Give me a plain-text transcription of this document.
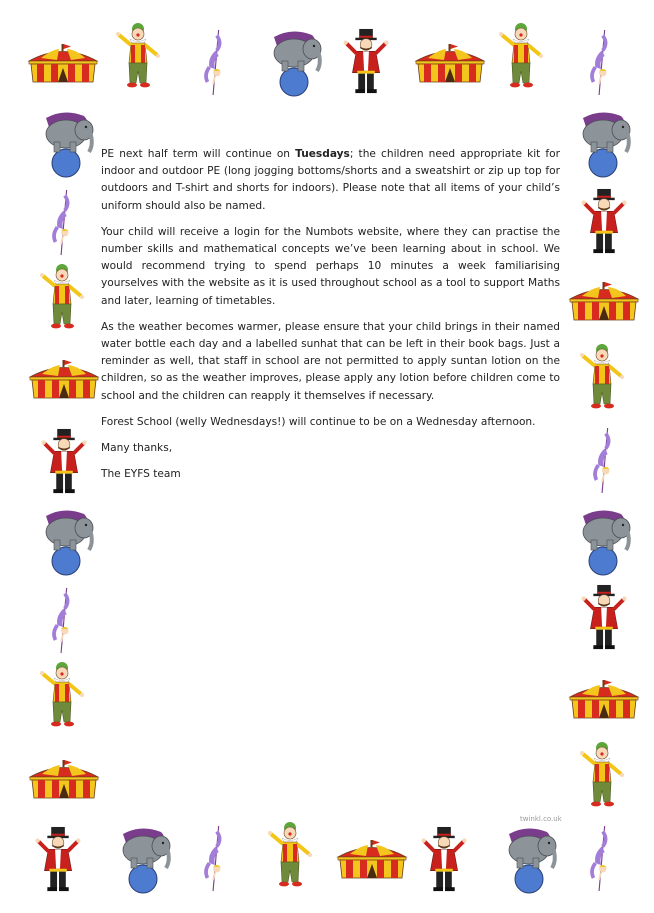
PE next half term will continue on Tuesdays; the children need appropriate kit for indoor and outdoor PE (long jogging bottoms/shorts and a sweatshirt or zip up top for outdoors and T-shirt and shorts for indoors). Please note that all items of your child’s uniform should also be named.

Your child will receive a login for the Numbots website, where they can practise the number skills and mathematical concepts we’ve been learning about in school. We would recommend trying to spend perhaps 10 minutes a week familiarising yourselves with the website as it is used throughout school as a tool to support Maths and later, learning of timetables.

As the weather becomes warmer, please ensure that your child brings in their named water bottle each day and a labelled sunhat that can be left in their book bags. Just a reminder as well, that staff in school are not permitted to apply suntan lotion on the children, so as the weather improves, please apply any lotion before children come to school and the children can reapply it themselves if necessary.

Forest School (welly Wednesdays!) will continue to be on a Wednesday afternoon.

Many thanks,

The EYFS team

twinkl.co.uk
